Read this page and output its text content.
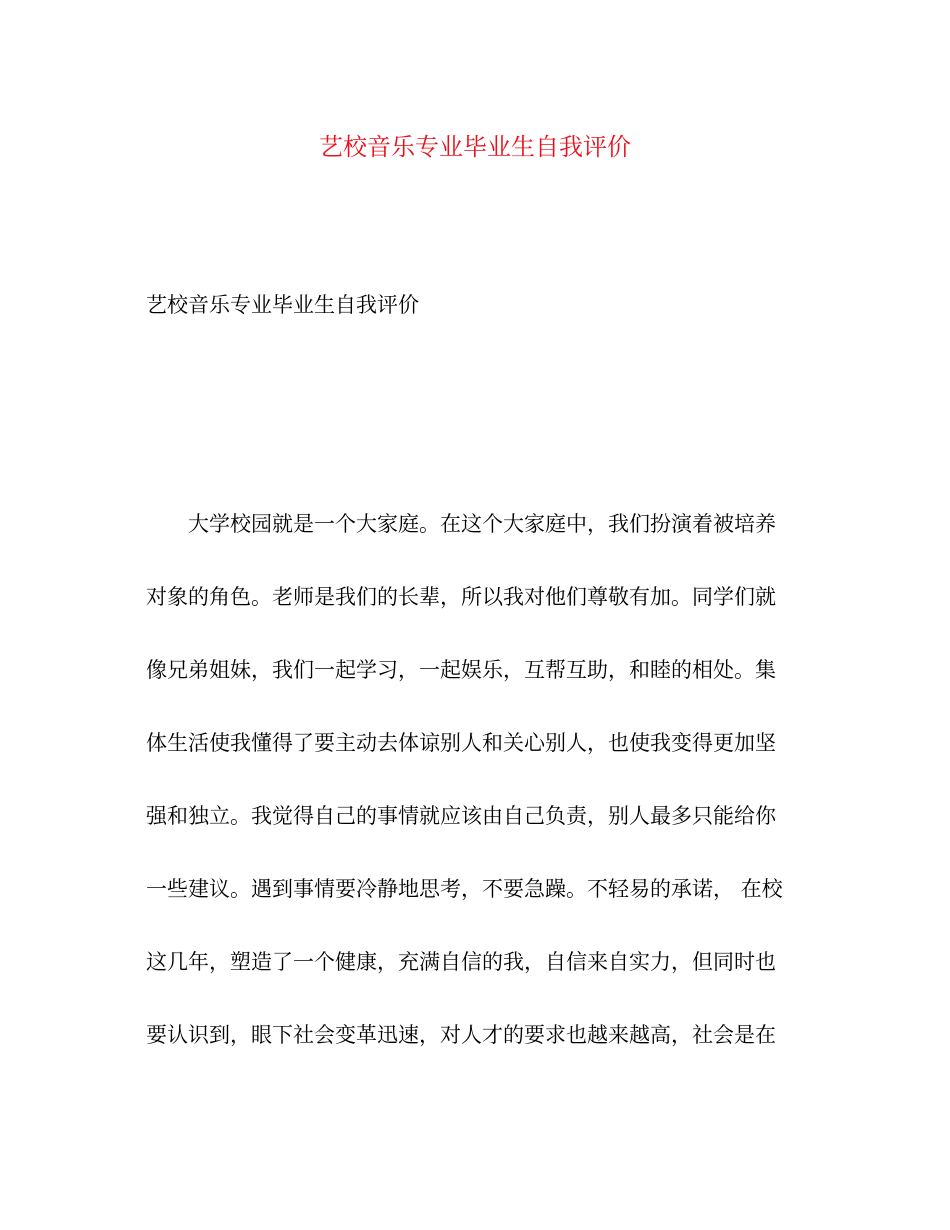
艺校音乐专业毕业生自我评价

艺校音乐专业毕业生自我评价

大学校园就是一个大家庭。在这个大家庭中，我们扮演着被培养
对象的角色。老师是我们的长辈，所以我对他们尊敬有加。同学们就
像兄弟姐妹，我们一起学习，一起娱乐，互帮互助，和睦的相处。集
体生活使我懂得了要主动去体谅别人和关心别人，也使我变得更加坚
强和独立。我觉得自己的事情就应该由自己负责，别人最多只能给你
一些建议。遇到事情要冷静地思考，不要急躁。不轻易的承诺， 在校
这几年，塑造了一个健康，充满自信的我，自信来自实力，但同时也
要认识到，眼下社会变革迅速，对人才的要求也越来越高，社会是在
